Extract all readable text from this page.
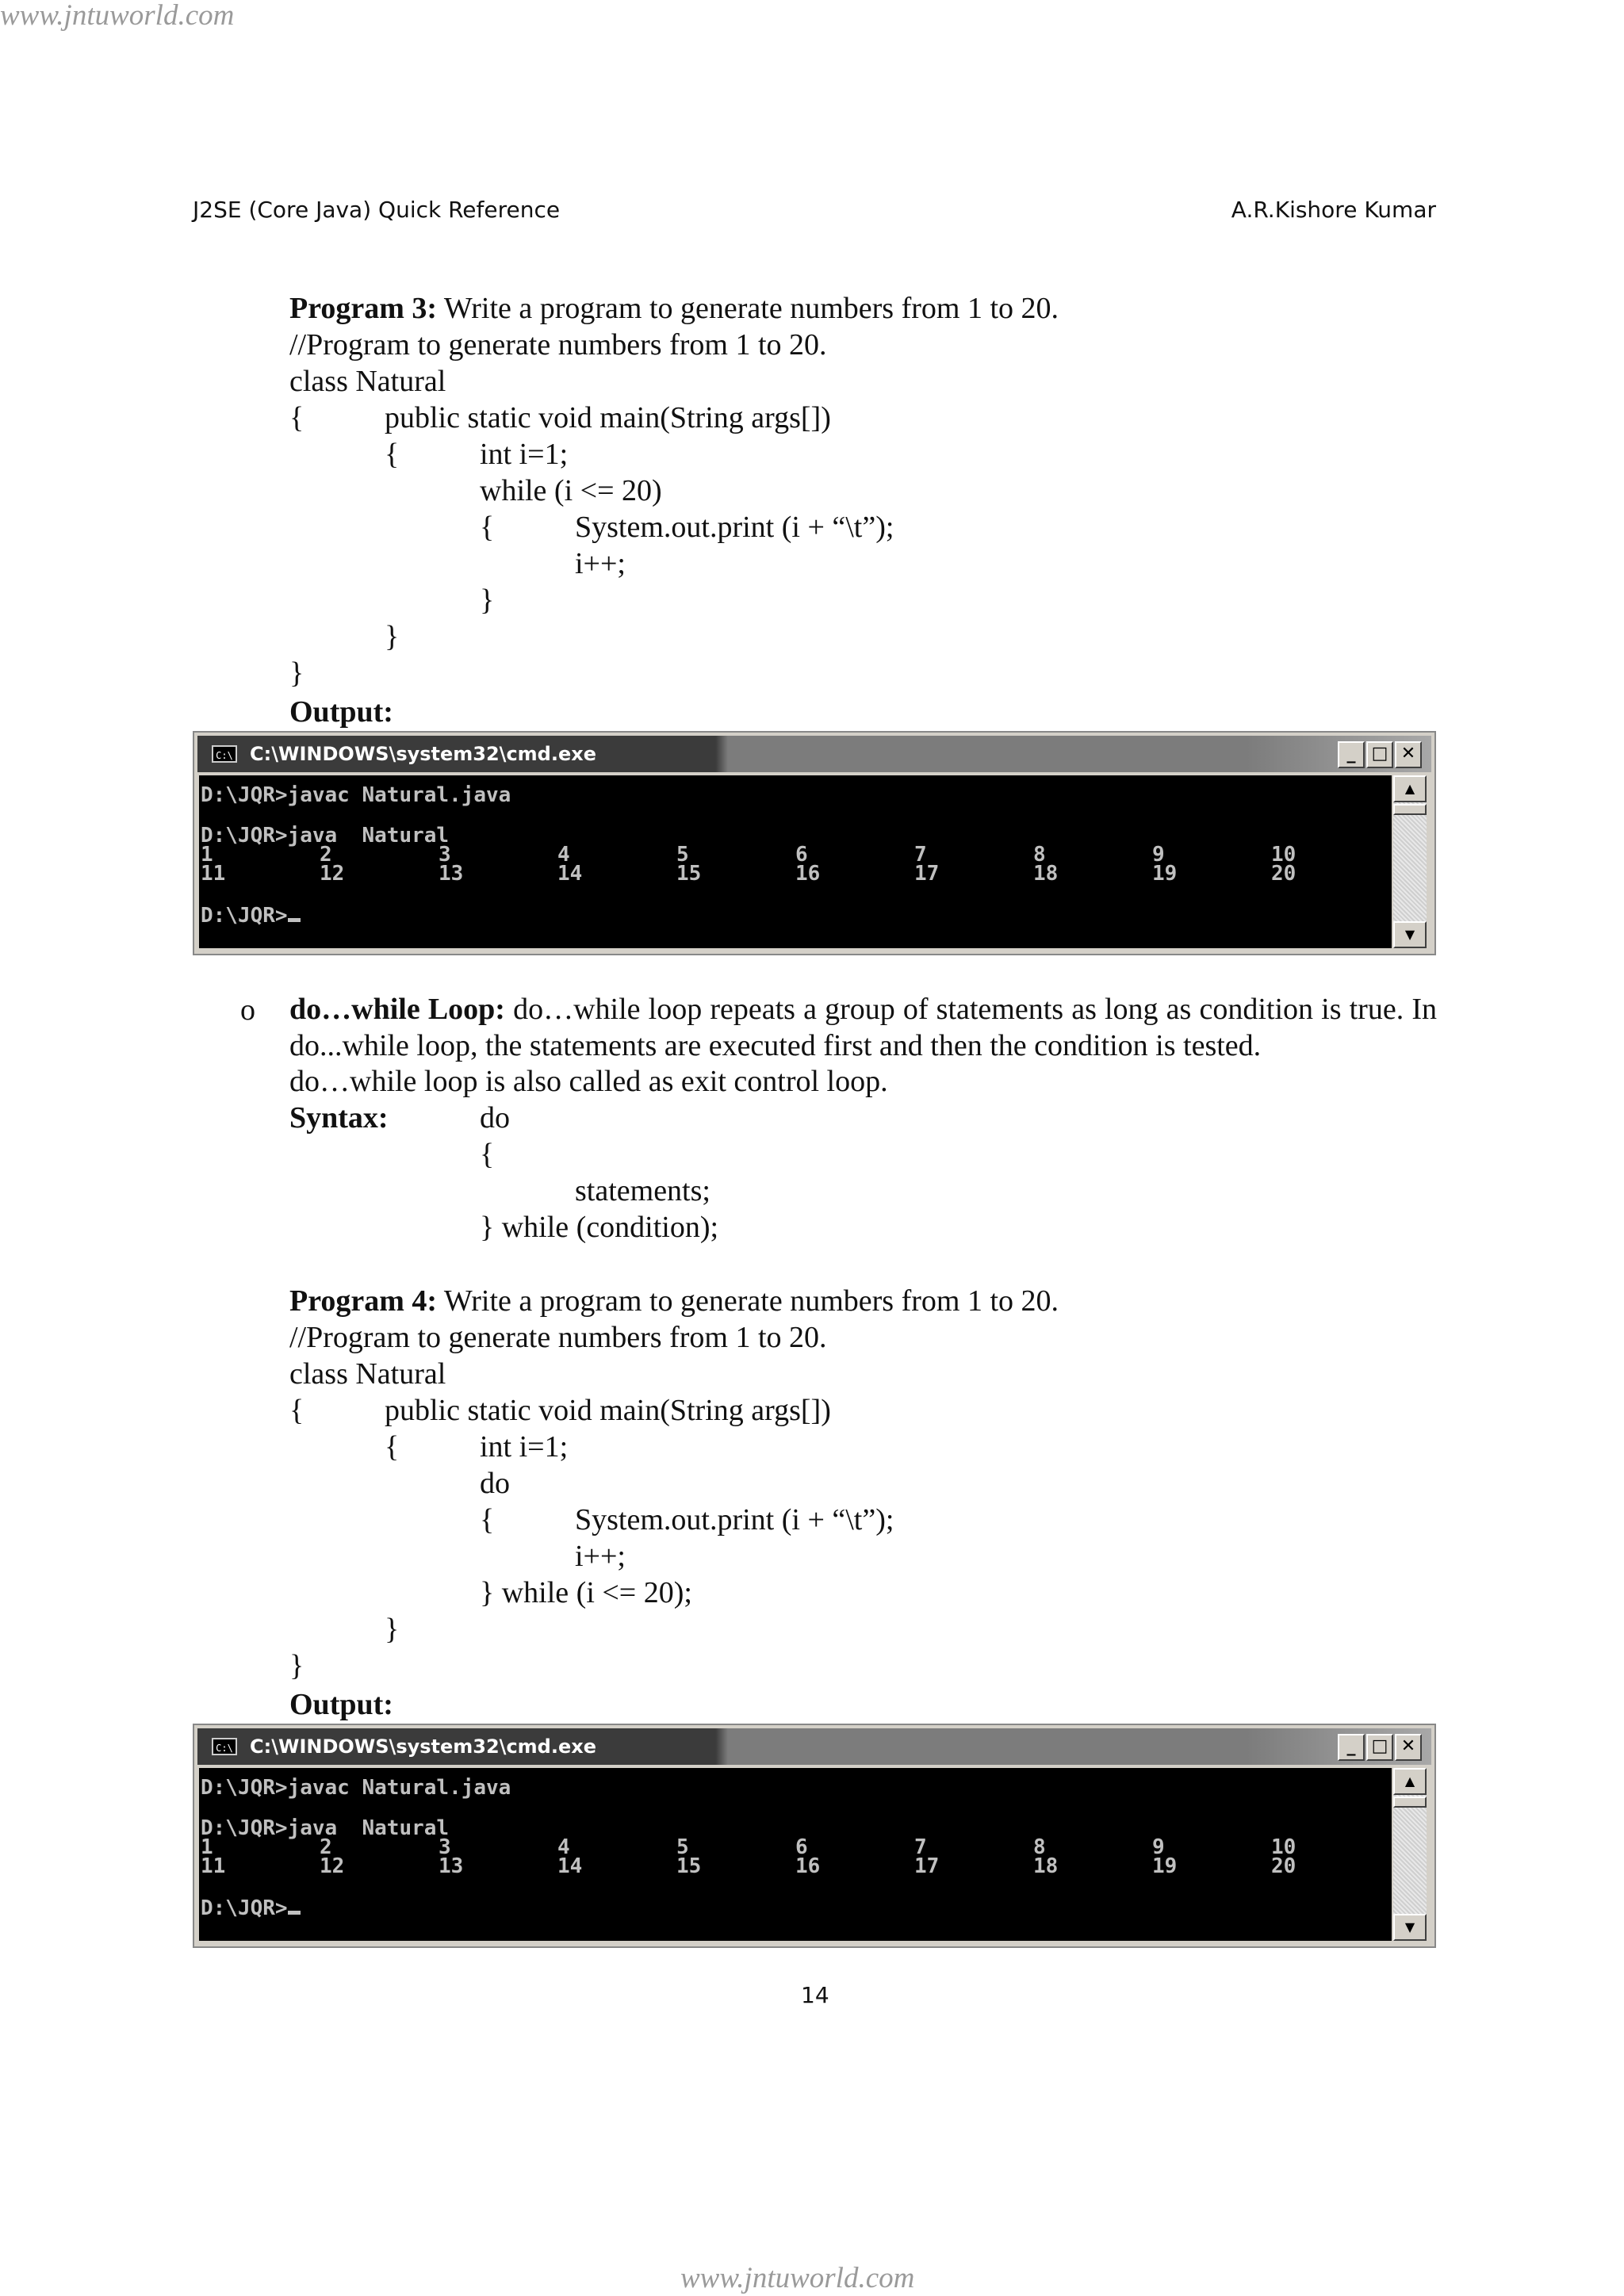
www.jntuworld.com
J2SE (Core Java) Quick Reference	A.R.Kishore Kumar
Program 3: Write a program to generate numbers from 1 to 20.
//Program to generate numbers from 1 to 20.
class Natural
{	public static void main(String args[])
{	int i=1;
while (i <= 20)
{	System.out.print (i + “\t”);
i++;
}
}
}
Output:
C:\ C:\WINDOWS\system32\cmd.exe	_ □ ✕
D:\JQR>javac Natural.java
D:\JQR>java  Natural
1	2	3	4	5	6	7	8	9	10
11	12	13	14	15	16	17	18	19	20
D:\JQR>
▲
▼
o do…while Loop: do…while loop repeats a group of statements as long as condition is true. In do...while loop, the statements are executed first and then the condition is tested.
do…while loop is also called as exit control loop.
Syntax:	do
{
statements;
} while (condition);
Program 4: Write a program to generate numbers from 1 to 20.
//Program to generate numbers from 1 to 20.
class Natural
{	public static void main(String args[])
{	int i=1;
do
{	System.out.print (i + “\t”);
i++;
} while (i <= 20);
}
}
Output:
C:\ C:\WINDOWS\system32\cmd.exe	_ □ ✕
D:\JQR>javac Natural.java
D:\JQR>java  Natural
1	2	3	4	5	6	7	8	9	10
11	12	13	14	15	16	17	18	19	20
D:\JQR>
▲
▼
14
www.jntuworld.com
